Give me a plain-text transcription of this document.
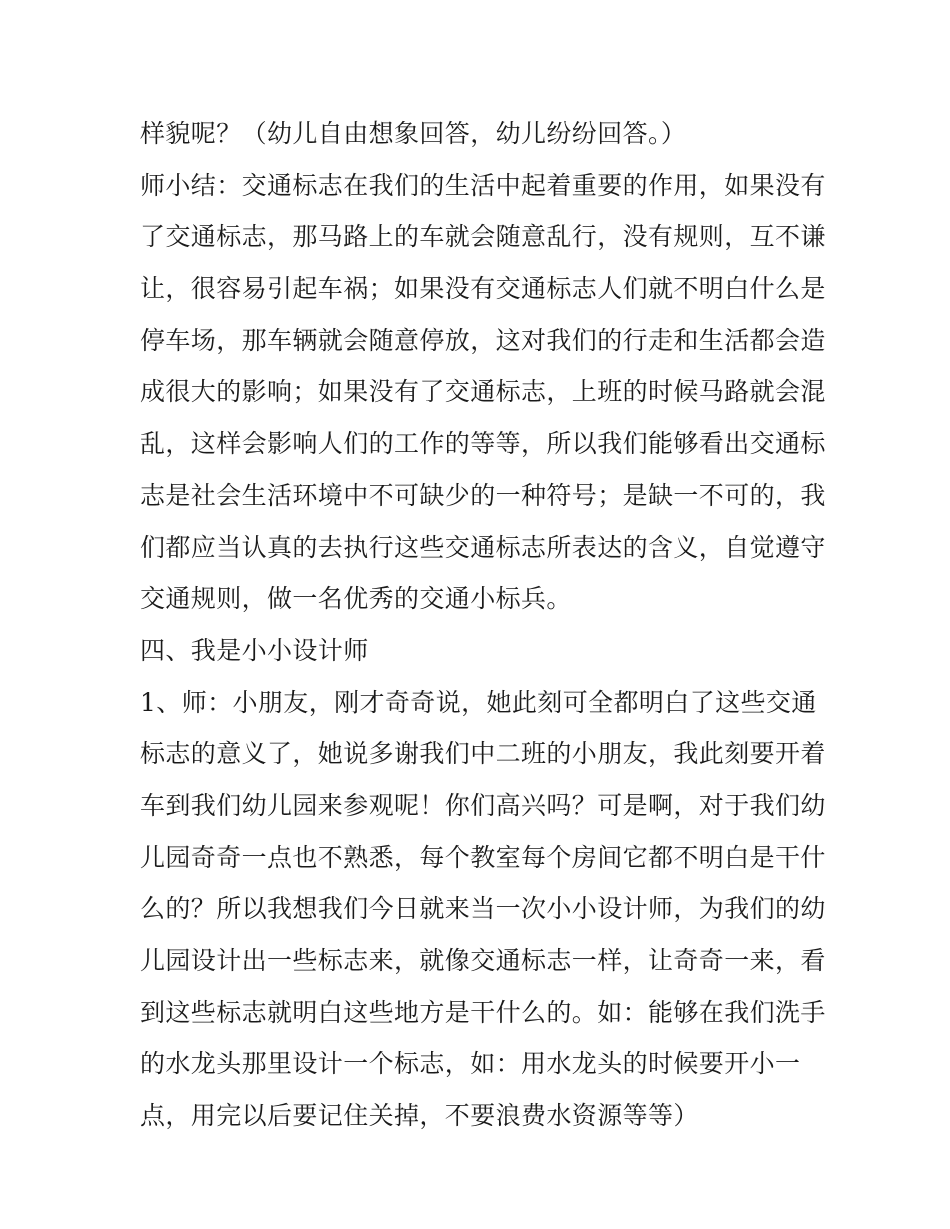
样貌呢？（幼儿自由想象回答，幼儿纷纷回答。）
师小结：交通标志在我们的生活中起着重要的作用，如果没有
了交通标志，那马路上的车就会随意乱行，没有规则，互不谦
让，很容易引起车祸；如果没有交通标志人们就不明白什么是
停车场，那车辆就会随意停放，这对我们的行走和生活都会造
成很大的影响；如果没有了交通标志，上班的时候马路就会混
乱，这样会影响人们的工作的等等，所以我们能够看出交通标
志是社会生活环境中不可缺少的一种符号；是缺一不可的，我
们都应当认真的去执行这些交通标志所表达的含义，自觉遵守
交通规则，做一名优秀的交通小标兵。
四、我是小小设计师
1、师：小朋友，刚才奇奇说，她此刻可全都明白了这些交通
标志的意义了，她说多谢我们中二班的小朋友，我此刻要开着
车到我们幼儿园来参观呢！你们高兴吗？可是啊，对于我们幼
儿园奇奇一点也不熟悉，每个教室每个房间它都不明白是干什
么的？所以我想我们今日就来当一次小小设计师，为我们的幼
儿园设计出一些标志来，就像交通标志一样，让奇奇一来，看
到这些标志就明白这些地方是干什么的。如：能够在我们洗手
的水龙头那里设计一个标志，如：用水龙头的时候要开小一
点，用完以后要记住关掉，不要浪费水资源等等）
